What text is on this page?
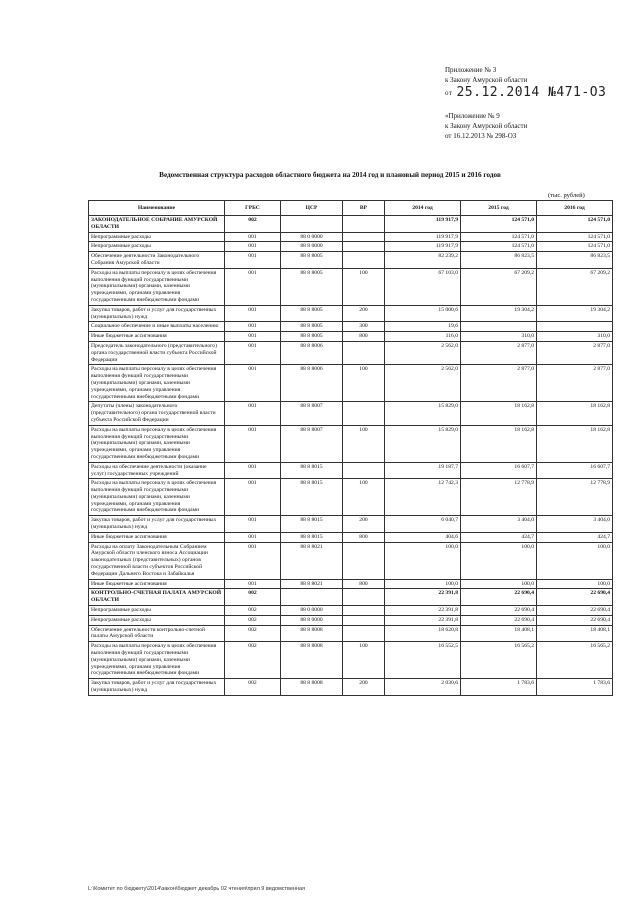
Приложение № 3
к Закону Амурской области
$^{от}$ 25.12.2014 №471-ОЗ
«Приложение № 9
к Закону Амурской области
от 16.12.2013 № 298-ОЗ
Ведомственная структура расходов областного бюджета на 2014 год и плановый период 2015 и 2016 годов
(тыс. рублей)
Наименование	ГРБС	ЦСР	ВР	2014 год	2015 год	2016 год
ЗАКОНОДАТЕЛЬНОЕ СОБРАНИЕ АМУРСКОЙ ОБЛАСТИ	002			119 917,9	124 571,0	124 571,0
Непрограммные расходы	001	88 0 0000		119 917,9	124 571,0	124 571,0
Непрограммные расходы	001	88 8 0000		119 917,9	124 571,0	124 571,0
Обеспечение деятельности Законодательного Собрания Амурской области	001	88 8 8005		82 239,2	86 823,5	86 823,5
Расходы на выплаты персоналу в целях обеспечения выполнения функций государственными (муниципальными) органами, казенными учреждениями, органами управления государственными внебюджетными фондами	001	88 8 8005	100	67 103,0	67 209,2	67 209,2
Закупка товаров, работ и услуг для государственных (муниципальных) нужд	001	88 8 8005	200	15 000,6	19 304,2	19 304,2
Социальное обеспечение и иные выплаты населению	001	88 8 8005	300	19,6		
Иные бюджетные ассигнования	001	88 8 8005	800	116,0	310,0	310,0
Председатель законодательного (представительного) органа государственной власти субъекта Российской Федерации	001	88 8 8006		2 562,0	2 877,0	2 877,0
Расходы на выплаты персоналу в целях обеспечения выполнения функций государственными (муниципальными) органами, казенными учреждениями, органами управления государственными внебюджетными фондами	001	88 8 8006	100	2 562,0	2 877,0	2 877,0
Депутаты (члены) законодательного (представительного) органа государственной власти субъекта Российской Федерации	001	88 8 8007		15 829,0	18 162,8	18 162,8
Расходы на выплаты персоналу в целях обеспечения выполнения функций государственными (муниципальными) органами, казенными учреждениями, органами управления государственными внебюджетными фондами	001	88 8 8007	100	15 829,0	18 162,8	18 162,8
Расходы на обеспечение деятельности (оказание услуг) государственных учреждений	001	88 8 8015		19 187,7	16 607,7	16 607,7
Расходы на выплаты персоналу в целях обеспечения выполнения функций государственными (муниципальными) органами, казенными учреждениями, органами управления государственными внебюджетными фондами	001	88 8 8015	100	12 742,3	12 778,9	12 778,9
Закупка товаров, работ и услуг для государственных (муниципальных) нужд	001	88 8 8015	200	6 040,7	3 404,0	3 404,0
Иные бюджетные ассигнования	001	88 8 8015	800	404,6	424,7	424,7
Расходы на оплату Законодательным Собранием Амурской области членского взноса Ассоциации законодательных (представительных) органов государственной власти субъектов Российской Федерации Дальнего Востока и Забайкалья	001	88 8 8021		100,0	100,0	100,0
Иные бюджетные ассигнования	001	88 8 8021	800	100,0	100,0	100,0
КОНТРОЛЬНО-СЧЕТНАЯ ПАЛАТА АМУРСКОЙ ОБЛАСТИ	002			22 391,8	22 690,4	22 690,4
Непрограммные расходы	002	88 0 0000		22 391,8	22 690,4	22 690,4
Непрограммные расходы	002	88 8 0000		22 391,8	22 690,4	22 690,4
Обеспечение деятельности контрольно-счетной палаты Амурской области	002	88 8 8008		18 620,8	18 408,1	18 408,1
Расходы на выплаты персоналу в целях обеспечения выполнения функций государственными (муниципальными) органами, казенными учреждениями, органами управления государственными внебюджетными фондами	002	88 8 8008	100	16 552,5	16 565,2	16 565,2
Закупка товаров, работ и услуг для государственных (муниципальных) нужд	002	88 8 8008	200	2 030,6	1 783,6	1 783,6
L:\Комитет по бюджету\2014\закон\бюджет декабрь 02 чтения\прил 9 ведомственная
